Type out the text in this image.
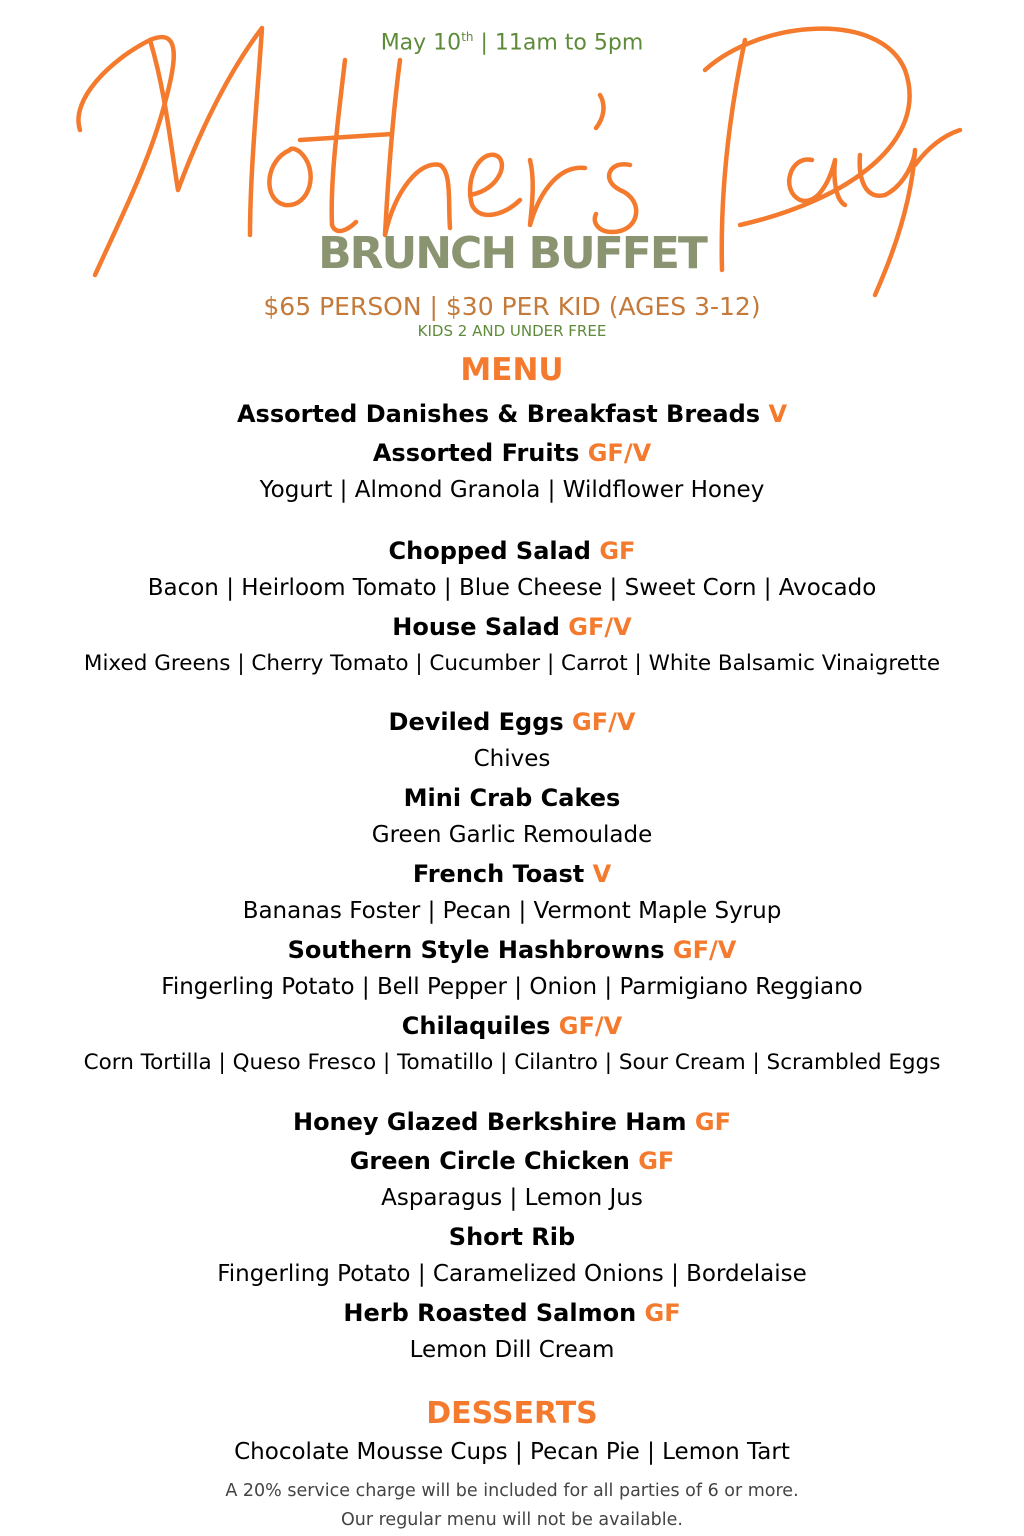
May 10th | 11am to 5pm
BRUNCH BUFFET
$65 PERSON | $30 PER KID (AGES 3-12)
KIDS 2 AND UNDER FREE
MENU
Assorted Danishes & Breakfast Breads V
Assorted Fruits GF/V
Yogurt | Almond Granola | Wildflower Honey
Chopped Salad GF
Bacon | Heirloom Tomato | Blue Cheese | Sweet Corn | Avocado
House Salad GF/V
Mixed Greens | Cherry Tomato | Cucumber | Carrot | White Balsamic Vinaigrette
Deviled Eggs GF/V
Chives
Mini Crab Cakes
Green Garlic Remoulade
French Toast V
Bananas Foster | Pecan | Vermont Maple Syrup
Southern Style Hashbrowns GF/V
Fingerling Potato | Bell Pepper | Onion | Parmigiano Reggiano
Chilaquiles GF/V
Corn Tortilla | Queso Fresco | Tomatillo | Cilantro | Sour Cream | Scrambled Eggs
Honey Glazed Berkshire Ham GF
Green Circle Chicken GF
Asparagus | Lemon Jus
Short Rib
Fingerling Potato | Caramelized Onions | Bordelaise
Herb Roasted Salmon GF
Lemon Dill Cream
DESSERTS
Chocolate Mousse Cups | Pecan Pie | Lemon Tart
A 20% service charge will be included for all parties of 6 or more.
Our regular menu will not be available.
